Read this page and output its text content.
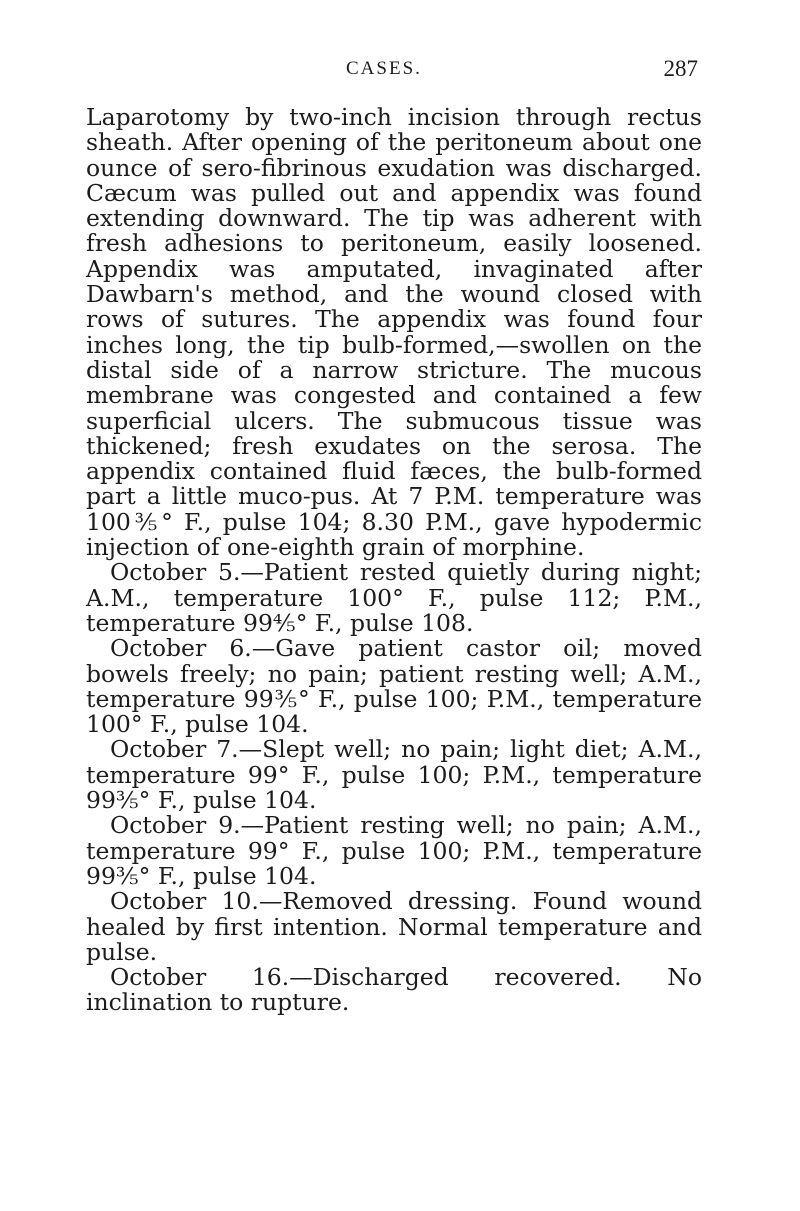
CASES.	287

Laparotomy by two-inch incision through rectus sheath. After opening of the peritoneum about one ounce of sero-fibrinous exudation was discharged. Cæcum was pulled out and appendix was found extending downward. The tip was adherent with fresh adhesions to peritoneum, easily loosened. Appendix was amputated, invaginated after Dawbarn's method, and the wound closed with rows of sutures. The appendix was found four inches long, the tip bulb-formed,—swollen on the distal side of a narrow stricture. The mucous membrane was congested and contained a few superficial ulcers. The submucous tissue was thickened; fresh exudates on the serosa. The appendix contained fluid fæces, the bulb-formed part a little muco-pus. At 7 P.M. temperature was 100⅗° F., pulse 104; 8.30 P.M., gave hypodermic injection of one-eighth grain of morphine.

October 5.—Patient rested quietly during night; A.M., temperature 100° F., pulse 112; P.M., temperature 99⅘° F., pulse 108.

October 6.—Gave patient castor oil; moved bowels freely; no pain; patient resting well; A.M., temperature 99⅗° F., pulse 100; P.M., temperature 100° F., pulse 104.

October 7.—Slept well; no pain; light diet; A.M., temperature 99° F., pulse 100; P.M., temperature 99⅗° F., pulse 104.

October 9.—Patient resting well; no pain; A.M., temperature 99° F., pulse 100; P.M., temperature 99⅗° F., pulse 104.

October 10.—Removed dressing. Found wound healed by first intention. Normal temperature and pulse.

October 16.—Discharged recovered. No inclination to rupture.
